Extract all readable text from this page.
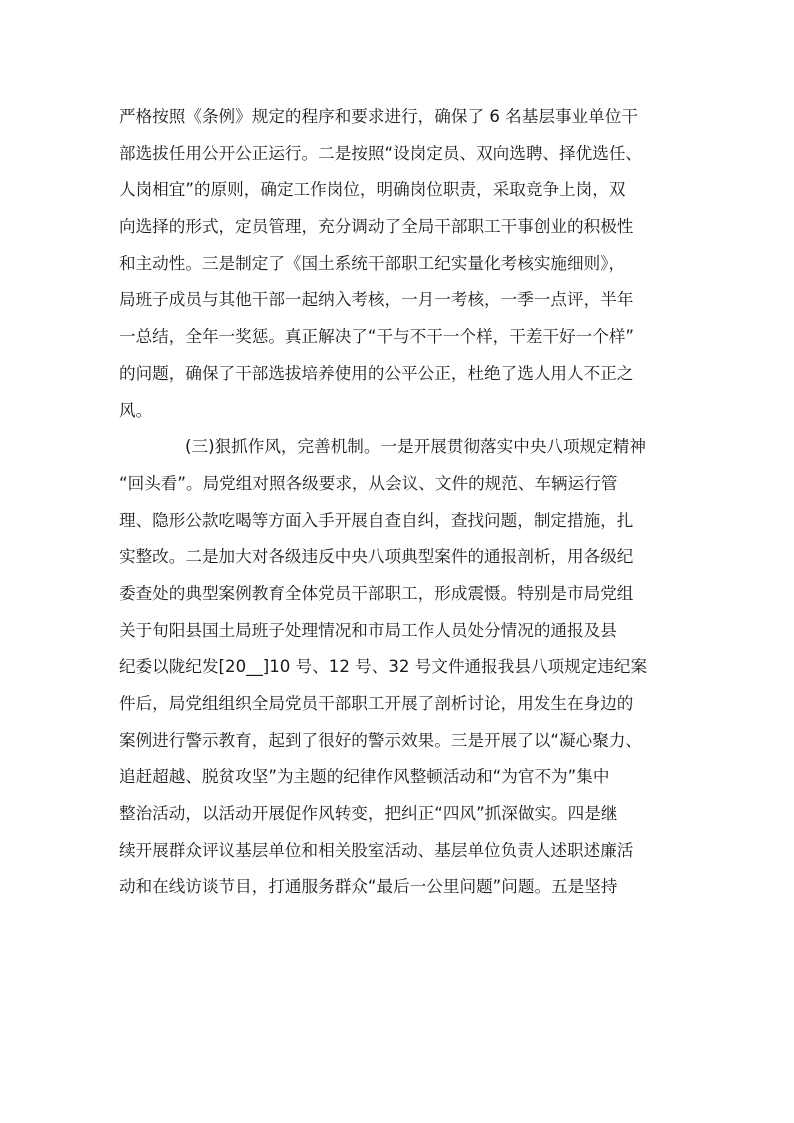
严格按照《条例》规定的程序和要求进行，确保了 6 名基层事业单位干
部选拔任用公开公正运行。二是按照“设岗定员、双向选聘、择优选任、
人岗相宜”的原则，确定工作岗位，明确岗位职责，采取竞争上岗，双
向选择的形式，定员管理，充分调动了全局干部职工干事创业的积极性
和主动性。三是制定了《国土系统干部职工纪实量化考核实施细则》，
局班子成员与其他干部一起纳入考核，一月一考核，一季一点评，半年
一总结，全年一奖惩。真正解决了“干与不干一个样，干差干好一个样”
的问题，确保了干部选拔培养使用的公平公正，杜绝了选人用人不正之
风。
(三)狠抓作风，完善机制。一是开展贯彻落实中央八项规定精神
“回头看”。局党组对照各级要求，从会议、文件的规范、车辆运行管
理、隐形公款吃喝等方面入手开展自查自纠，查找问题，制定措施，扎
实整改。二是加大对各级违反中央八项典型案件的通报剖析，用各级纪
委查处的典型案例教育全体党员干部职工，形成震慑。特别是市局党组
关于旬阳县国土局班子处理情况和市局工作人员处分情况的通报及县
纪委以陇纪发[20__]10 号、12 号、32 号文件通报我县八项规定违纪案
件后，局党组组织全局党员干部职工开展了剖析讨论，用发生在身边的
案例进行警示教育，起到了很好的警示效果。三是开展了以“凝心聚力、
追赶超越、脱贫攻坚”为主题的纪律作风整顿活动和“为官不为”集中
整治活动，以活动开展促作风转变，把纠正“四风”抓深做实。四是继
续开展群众评议基层单位和相关股室活动、基层单位负责人述职述廉活
动和在线访谈节目，打通服务群众“最后一公里问题”问题。五是坚持
